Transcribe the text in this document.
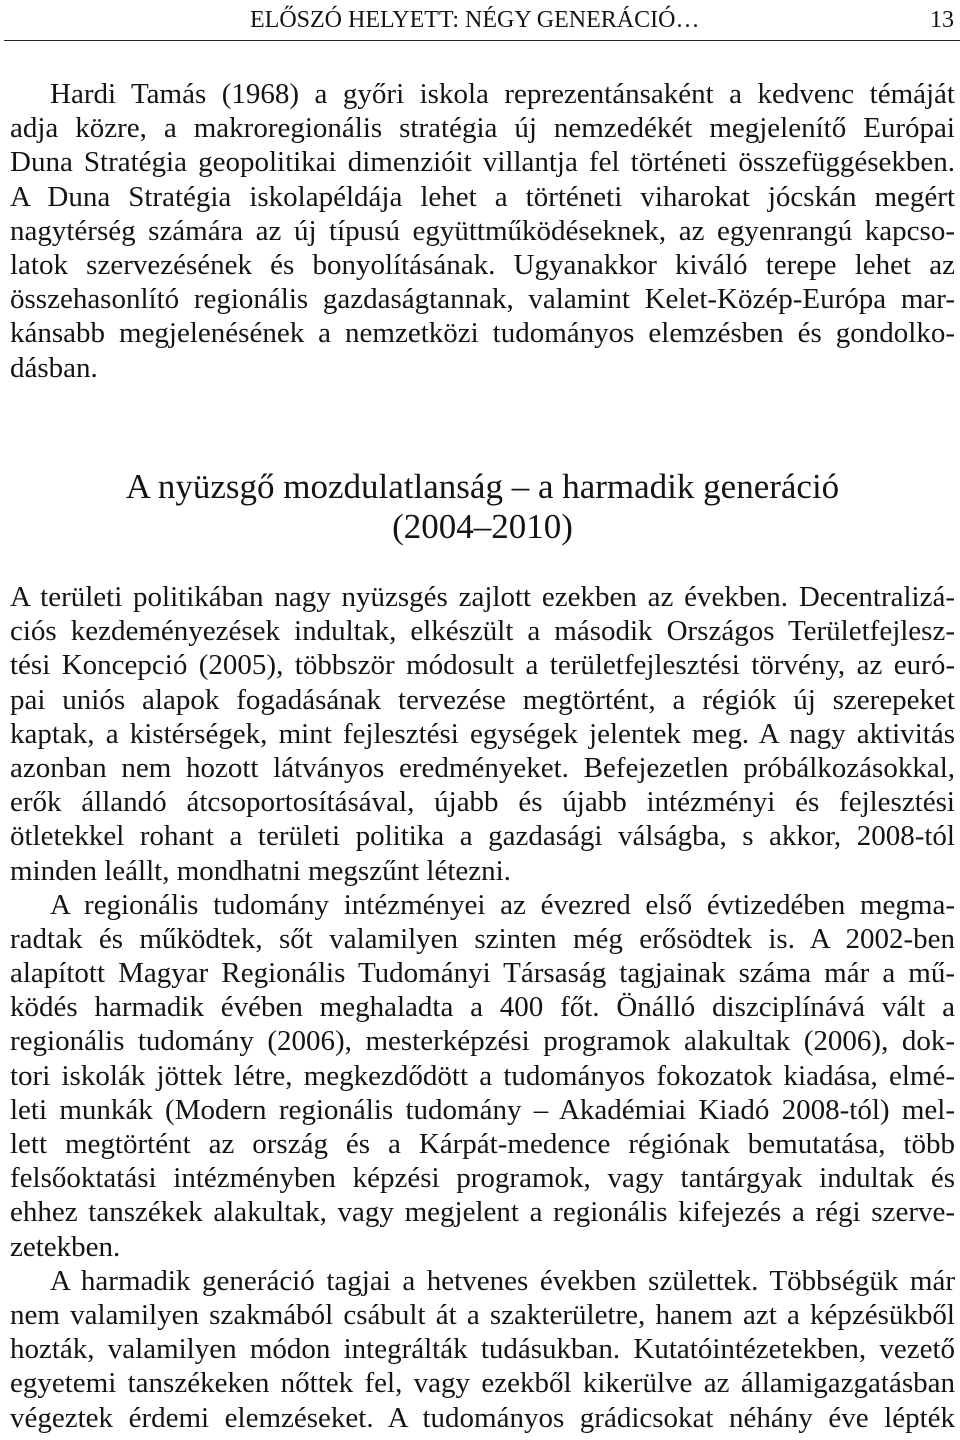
ELŐSZÓ HELYETT: NÉGY GENERÁCIÓ…	13
Hardi Tamás (1968) a győri iskola reprezentánsaként a kedvenc témáját
adja közre, a makroregionális stratégia új nemzedékét megjelenítő Európai
Duna Stratégia geopolitikai dimenzióit villantja fel történeti összefüggésekben.
A Duna Stratégia iskolapéldája lehet a történeti viharokat jócskán megért
nagytérség számára az új típusú együttműködéseknek, az egyenrangú kapcso-
latok szervezésének és bonyolításának. Ugyanakkor kiváló terepe lehet az
összehasonlító regionális gazdaságtannak, valamint Kelet-Közép-Európa mar-
kánsabb megjelenésének a nemzetközi tudományos elemzésben és gondolko-
dásban.
A nyüzsgő mozdulatlanság – a harmadik generáció
(2004–2010)
A területi politikában nagy nyüzsgés zajlott ezekben az években. Decentralizá-
ciós kezdeményezések indultak, elkészült a második Országos Területfejlesz-
tési Koncepció (2005), többször módosult a területfejlesztési törvény, az euró-
pai uniós alapok fogadásának tervezése megtörtént, a régiók új szerepeket
kaptak, a kistérségek, mint fejlesztési egységek jelentek meg. A nagy aktivitás
azonban nem hozott látványos eredményeket. Befejezetlen próbálkozásokkal,
erők állandó átcsoportosításával, újabb és újabb intézményi és fejlesztési
ötletekkel rohant a területi politika a gazdasági válságba, s akkor, 2008-tól
minden leállt, mondhatni megszűnt létezni.
A regionális tudomány intézményei az évezred első évtizedében megma-
radtak és működtek, sőt valamilyen szinten még erősödtek is. A 2002-ben
alapított Magyar Regionális Tudományi Társaság tagjainak száma már a mű-
ködés harmadik évében meghaladta a 400 főt. Önálló diszciplínává vált a
regionális tudomány (2006), mesterképzési programok alakultak (2006), dok-
tori iskolák jöttek létre, megkezdődött a tudományos fokozatok kiadása, elmé-
leti munkák (Modern regionális tudomány – Akadémiai Kiadó 2008-tól) mel-
lett megtörtént az ország és a Kárpát-medence régiónak bemutatása, több
felsőoktatási intézményben képzési programok, vagy tantárgyak indultak és
ehhez tanszékek alakultak, vagy megjelent a regionális kifejezés a régi szerve-
zetekben.
A harmadik generáció tagjai a hetvenes években születtek. Többségük már
nem valamilyen szakmából csábult át a szakterületre, hanem azt a képzésükből
hozták, valamilyen módon integrálták tudásukban. Kutatóintézetekben, vezető
egyetemi tanszékeken nőttek fel, vagy ezekből kikerülve az államigazgatásban
végeztek érdemi elemzéseket. A tudományos grádicsokat néhány éve lépték
